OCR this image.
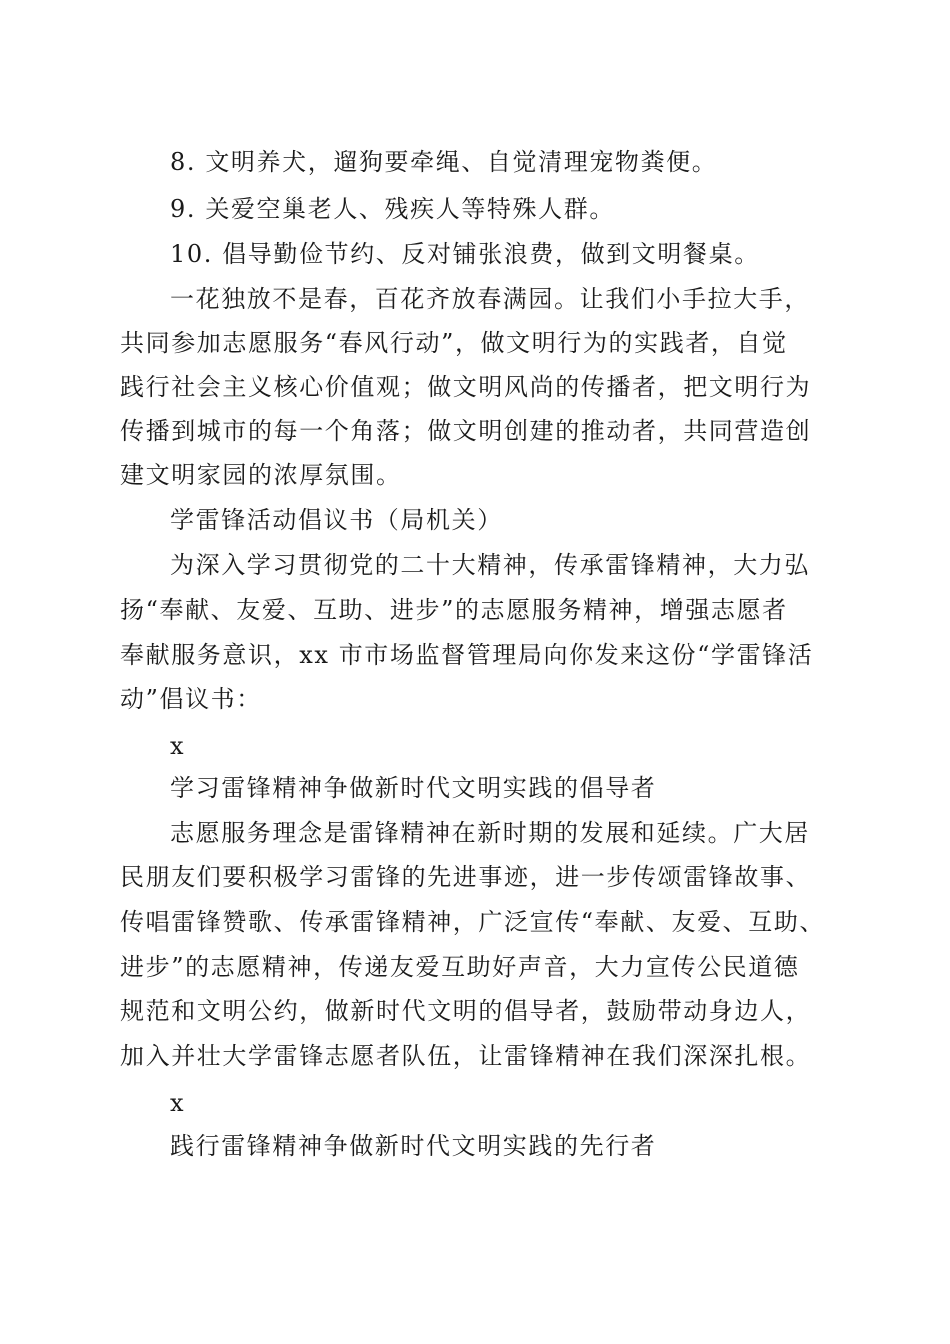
8. 文明养犬，遛狗要牵绳、自觉清理宠物粪便。
9. 关爱空巢老人、残疾人等特殊人群。
10. 倡导勤俭节约、反对铺张浪费，做到文明餐桌。
一花独放不是春，百花齐放春满园。让我们小手拉大手，
共同参加志愿服务“春风行动”，做文明行为的实践者，自觉
践行社会主义核心价值观；做文明风尚的传播者，把文明行为
传播到城市的每一个角落；做文明创建的推动者，共同营造创
建文明家园的浓厚氛围。
学雷锋活动倡议书（局机关）
为深入学习贯彻党的二十大精神，传承雷锋精神，大力弘
扬“奉献、友爱、互助、进步”的志愿服务精神，增强志愿者
奉献服务意识，xx 市市场监督管理局向你发来这份“学雷锋活
动”倡议书：
x
学习雷锋精神争做新时代文明实践的倡导者
志愿服务理念是雷锋精神在新时期的发展和延续。广大居
民朋友们要积极学习雷锋的先进事迹，进一步传颂雷锋故事、
传唱雷锋赞歌、传承雷锋精神，广泛宣传“奉献、友爱、互助、
进步”的志愿精神，传递友爱互助好声音，大力宣传公民道德
规范和文明公约，做新时代文明的倡导者，鼓励带动身边人，
加入并壮大学雷锋志愿者队伍，让雷锋精神在我们深深扎根。
x
践行雷锋精神争做新时代文明实践的先行者
